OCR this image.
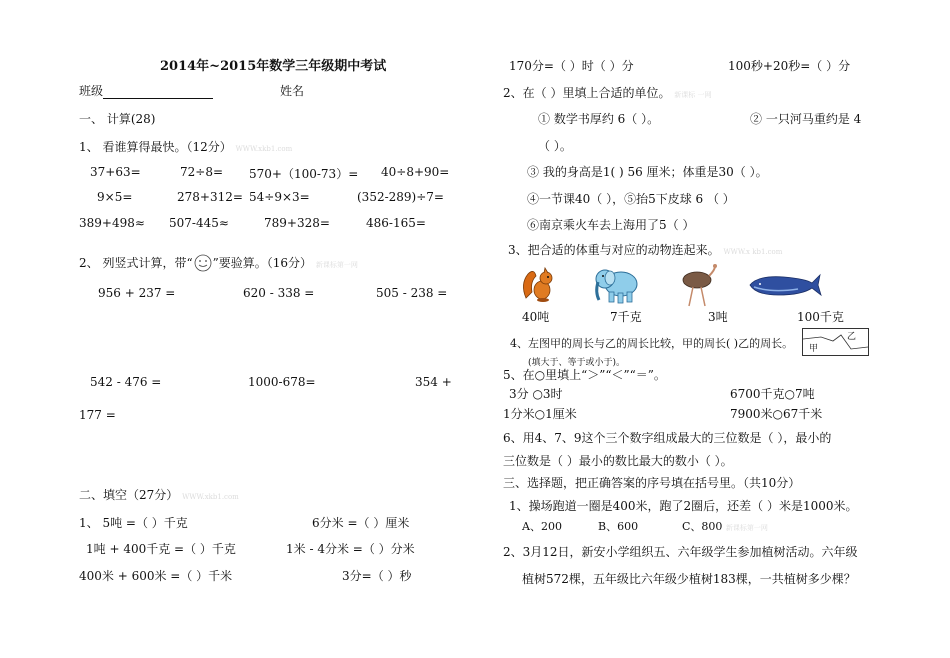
2014年~2015年数学三年级期中考试
班级	姓名
一、 计算(28)
1、 看谁算得最快。（12分） WWW.xkb1.com
37+63=	72÷8= 570+（100-73）= 40÷8+90=
9×5=	278+312= 54÷9×3=	(352-289)÷7=
389+498≈ 507-445≈	789+328=	486-165=
2、 列竖式计算，带“ ”要验算。（16分） 新课标第一网
956 + 237 =	620 - 338 =	505 - 238 =
542 - 476 =	1000-678=	354 +
177 =
二、填空（27分） WWW.xkb1.com
1、 5吨 =（ ）千克	6分米 =（ ）厘米
1吨 + 400千克 =（ ）千克	1米 - 4分米 =（ ）分米
400米 + 600米 =（ ）千米	3分=（ ）秒
170分=（ ）时（ ）分	100秒+20秒=（ ）分
2、在（ ）里填上合适的单位。 新课标 一网
① 数学书厚约 6（ ）。	② 一只河马重约是 4
（ ）。
③ 我的身高是1( ) 56 厘米；体重是30（ ）。
④一节课40（ ），⑤抬5下皮球 6 （ ）
⑥南京乘火车去上海用了5（ ）
3、把合适的体重与对应的动物连起来。 WWW.x kb1.com
40吨	7千克	3吨	100千克
4、左图甲的周长与乙的周长比较，甲的周长( )乙的周长。
(填大于、等于或小于)。
甲
乙
5、在○里填上“＞”“＜”“＝”。
3分 ○3时	6700千克○7吨
1分米○1厘米	7900米○67千米
6、用4、7、9这个三个数字组成最大的三位数是（ ），最小的
三位数是（ ）最小的数比最大的数小（ ）。
三、选择题，把正确答案的序号填在括号里。（共10分）
1、操场跑道一圈是400米，跑了2圈后，还差（ ）米是1000米。
A、200	B、600	C、800 新课标第一网
2、3月12日，新安小学组织五、六年级学生参加植树活动。六年级
植树572棵，五年级比六年级少植树183棵，一共植树多少棵？
